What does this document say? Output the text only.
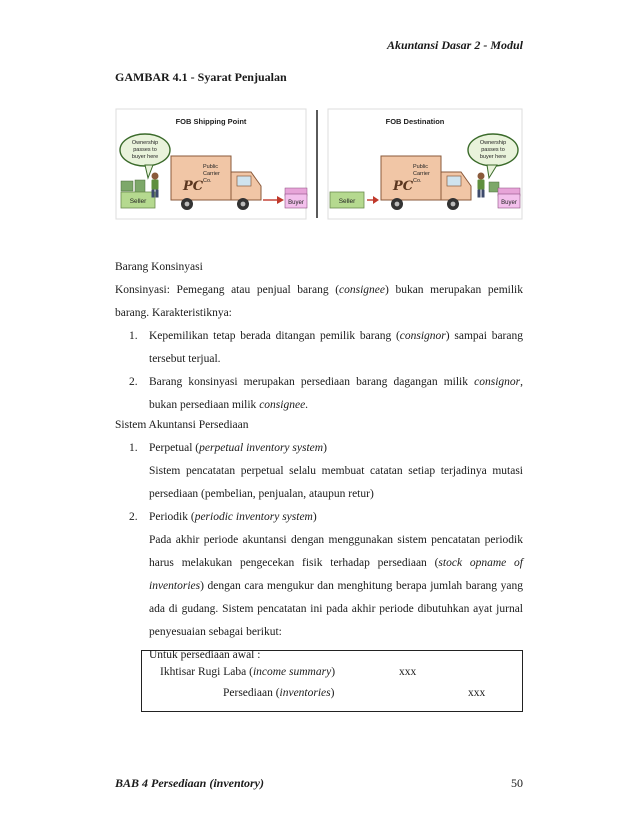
Akuntansi Dasar 2 - Modul
GAMBAR 4.1 - Syarat Penjualan
FOB Shipping Point
Ownership
passes to
buyer here
Seller
PC
Public
Carrier
Co.
Buyer
FOB Destination
Ownership
passes to
buyer here
Seller
PC
Public
Carrier
Co.
Buyer
Barang Konsinyasi
Konsinyasi: Pemegang atau penjual barang (consignee) bukan merupakan pemilik barang. Karakteristiknya:
1. Kepemilikan tetap berada ditangan pemilik barang (consignor) sampai barang tersebut terjual.
2. Barang konsinyasi merupakan persediaan barang dagangan milik consignor, bukan persediaan milik consignee.
Sistem Akuntansi Persediaan
1. Perpetual (perpetual inventory system)
Sistem pencatatan perpetual selalu membuat catatan setiap terjadinya mutasi persediaan (pembelian, penjualan, ataupun retur)
2. Periodik (periodic inventory system)
Pada akhir periode akuntansi dengan menggunakan sistem pencatatan periodik harus melakukan pengecekan fisik terhadap persediaan (stock opname of inventories) dengan cara mengukur dan menghitung berapa jumlah barang yang ada di gudang. Sistem pencatatan ini pada akhir periode dibutuhkan ayat jurnal penyesuaian sebagai berikut:
Untuk persediaan awal :
Ikhtisar Rugi Laba (income summary)	xxx
Persediaan (inventories)	xxx
BAB 4 Persediaan (inventory)	50
